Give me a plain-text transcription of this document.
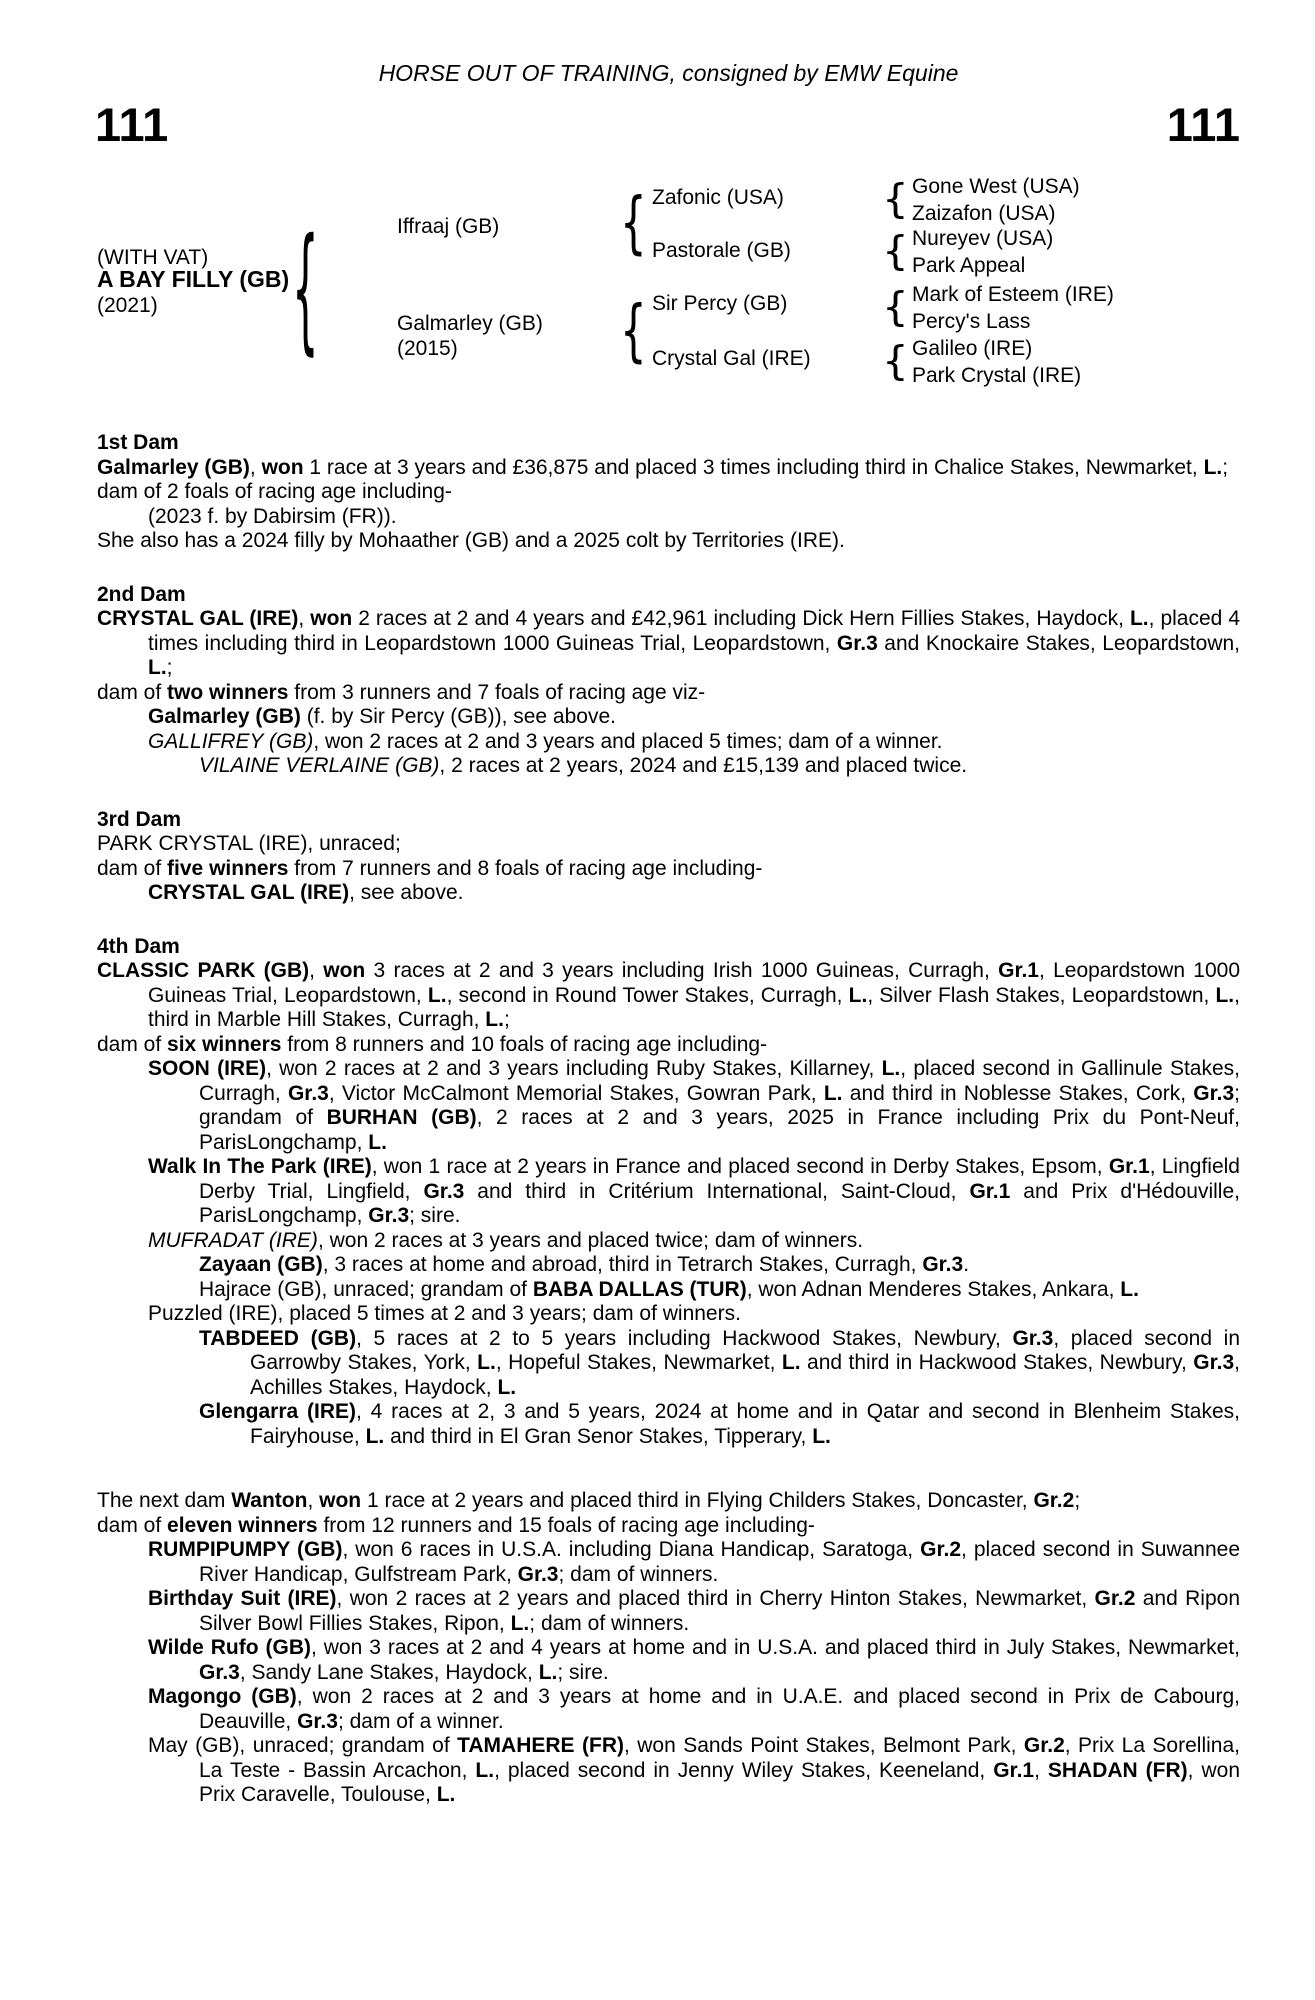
HORSE OUT OF TRAINING, consigned by EMW Equine
111	111
(WITH VAT)
A BAY FILLY (GB)
(2021)
{
Iffraaj (GB)
Galmarley (GB)
(2015)
{
{
Zafonic (USA)
Pastorale (GB)
Sir Percy (GB)
Crystal Gal (IRE)
{
{
{
{
Gone West (USA)
Zaizafon (USA)
Nureyev (USA)
Park Appeal
Mark of Esteem (IRE)
Percy's Lass
Galileo (IRE)
Park Crystal (IRE)
1st Dam
Galmarley (GB), won 1 race at 3 years and £36,875 and placed 3 times including third in Chalice Stakes, Newmarket, L.;
dam of 2 foals of racing age including-
(2023 f. by Dabirsim (FR)).
She also has a 2024 filly by Mohaather (GB) and a 2025 colt by Territories (IRE).
2nd Dam
CRYSTAL GAL (IRE), won 2 races at 2 and 4 years and £42,961 including Dick Hern Fillies Stakes, Haydock, L., placed 4 times including third in Leopardstown 1000 Guineas Trial, Leopardstown, Gr.3 and Knockaire Stakes, Leopardstown, L.;
dam of two winners from 3 runners and 7 foals of racing age viz-
Galmarley (GB) (f. by Sir Percy (GB)), see above.
GALLIFREY (GB), won 2 races at 2 and 3 years and placed 5 times; dam of a winner.
VILAINE VERLAINE (GB), 2 races at 2 years, 2024 and £15,139 and placed twice.
3rd Dam
PARK CRYSTAL (IRE), unraced;
dam of five winners from 7 runners and 8 foals of racing age including-
CRYSTAL GAL (IRE), see above.
4th Dam
CLASSIC PARK (GB), won 3 races at 2 and 3 years including Irish 1000 Guineas, Curragh, Gr.1, Leopardstown 1000 Guineas Trial, Leopardstown, L., second in Round Tower Stakes, Curragh, L., Silver Flash Stakes, Leopardstown, L., third in Marble Hill Stakes, Curragh, L.;
dam of six winners from 8 runners and 10 foals of racing age including-
SOON (IRE), won 2 races at 2 and 3 years including Ruby Stakes, Killarney, L., placed second in Gallinule Stakes, Curragh, Gr.3, Victor McCalmont Memorial Stakes, Gowran Park, L. and third in Noblesse Stakes, Cork, Gr.3; grandam of BURHAN (GB), 2 races at 2 and 3 years, 2025 in France including Prix du Pont-Neuf, ParisLongchamp, L.
Walk In The Park (IRE), won 1 race at 2 years in France and placed second in Derby Stakes, Epsom, Gr.1, Lingfield Derby Trial, Lingfield, Gr.3 and third in Critérium International, Saint-Cloud, Gr.1 and Prix d'Hédouville, ParisLongchamp, Gr.3; sire.
MUFRADAT (IRE), won 2 races at 3 years and placed twice; dam of winners.
Zayaan (GB), 3 races at home and abroad, third in Tetrarch Stakes, Curragh, Gr.3.
Hajrace (GB), unraced; grandam of BABA DALLAS (TUR), won Adnan Menderes Stakes, Ankara, L.
Puzzled (IRE), placed 5 times at 2 and 3 years; dam of winners.
TABDEED (GB), 5 races at 2 to 5 years including Hackwood Stakes, Newbury, Gr.3, placed second in Garrowby Stakes, York, L., Hopeful Stakes, Newmarket, L. and third in Hackwood Stakes, Newbury, Gr.3, Achilles Stakes, Haydock, L.
Glengarra (IRE), 4 races at 2, 3 and 5 years, 2024 at home and in Qatar and second in Blenheim Stakes, Fairyhouse, L. and third in El Gran Senor Stakes, Tipperary, L.
The next dam Wanton, won 1 race at 2 years and placed third in Flying Childers Stakes, Doncaster, Gr.2;
dam of eleven winners from 12 runners and 15 foals of racing age including-
RUMPIPUMPY (GB), won 6 races in U.S.A. including Diana Handicap, Saratoga, Gr.2, placed second in Suwannee River Handicap, Gulfstream Park, Gr.3; dam of winners.
Birthday Suit (IRE), won 2 races at 2 years and placed third in Cherry Hinton Stakes, Newmarket, Gr.2 and Ripon Silver Bowl Fillies Stakes, Ripon, L.; dam of winners.
Wilde Rufo (GB), won 3 races at 2 and 4 years at home and in U.S.A. and placed third in July Stakes, Newmarket, Gr.3, Sandy Lane Stakes, Haydock, L.; sire.
Magongo (GB), won 2 races at 2 and 3 years at home and in U.A.E. and placed second in Prix de Cabourg, Deauville, Gr.3; dam of a winner.
May (GB), unraced; grandam of TAMAHERE (FR), won Sands Point Stakes, Belmont Park, Gr.2, Prix La Sorellina, La Teste - Bassin Arcachon, L., placed second in Jenny Wiley Stakes, Keeneland, Gr.1, SHADAN (FR), won Prix Caravelle, Toulouse, L.
